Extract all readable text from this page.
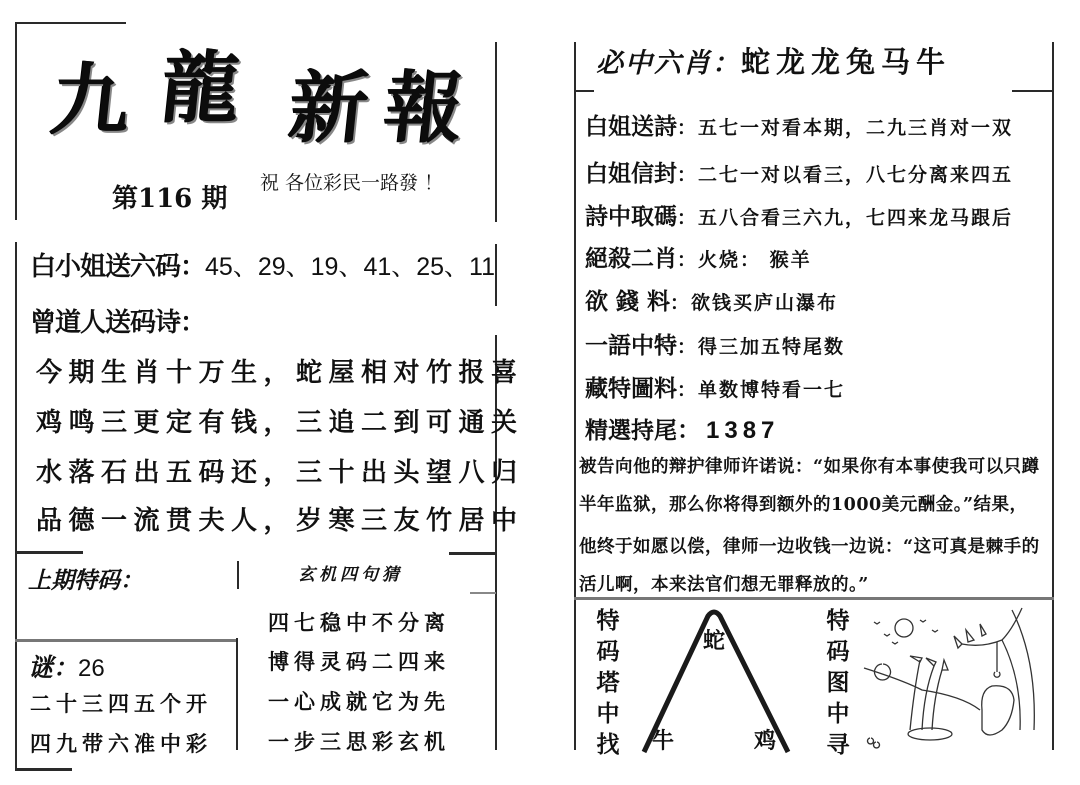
九 龍 新 報
第116 期
祝 各位彩民一路發 ！
白小姐送六码：45、29、19、41、25、11
曾道人送码诗：
今期生肖十万生，蛇屋相对竹报喜
鸡鸣三更定有钱，三追二到可通关
水落石出五码还，三十出头望八归
品德一流贯夫人，岁寒三友竹居中
上期特码：
谜：26
二十三四五个开
四九带六准中彩
玄机四句猜
四七稳中不分离
博得灵码二四来
一心成就它为先
一步三思彩玄机
必中六肖：蛇龙龙兔马牛
白姐送詩：五七一对看本期，二九三肖对一双
白姐信封：二七一对以看三，八七分离来四五
詩中取碼：五八合看三六九，七四来龙马跟后
絕殺二肖：火烧： 猴羊
欲 錢 料：欲钱买庐山瀑布
一語中特：得三加五特尾数
藏特圖料：单数博特看一七
精選持尾：1387
被告向他的辩护律师许诺说：“如果你有本事使我可以只蹲
半年监狱，那么你将得到额外的1000美元酬金。”结果，
他终于如愿以偿，律师一边收钱一边说：“这可真是棘手的
活儿啊，本来法官们想无罪释放的。”
特
码
塔
中
找
蛇
牛	鸡
特
码
图
中
寻
